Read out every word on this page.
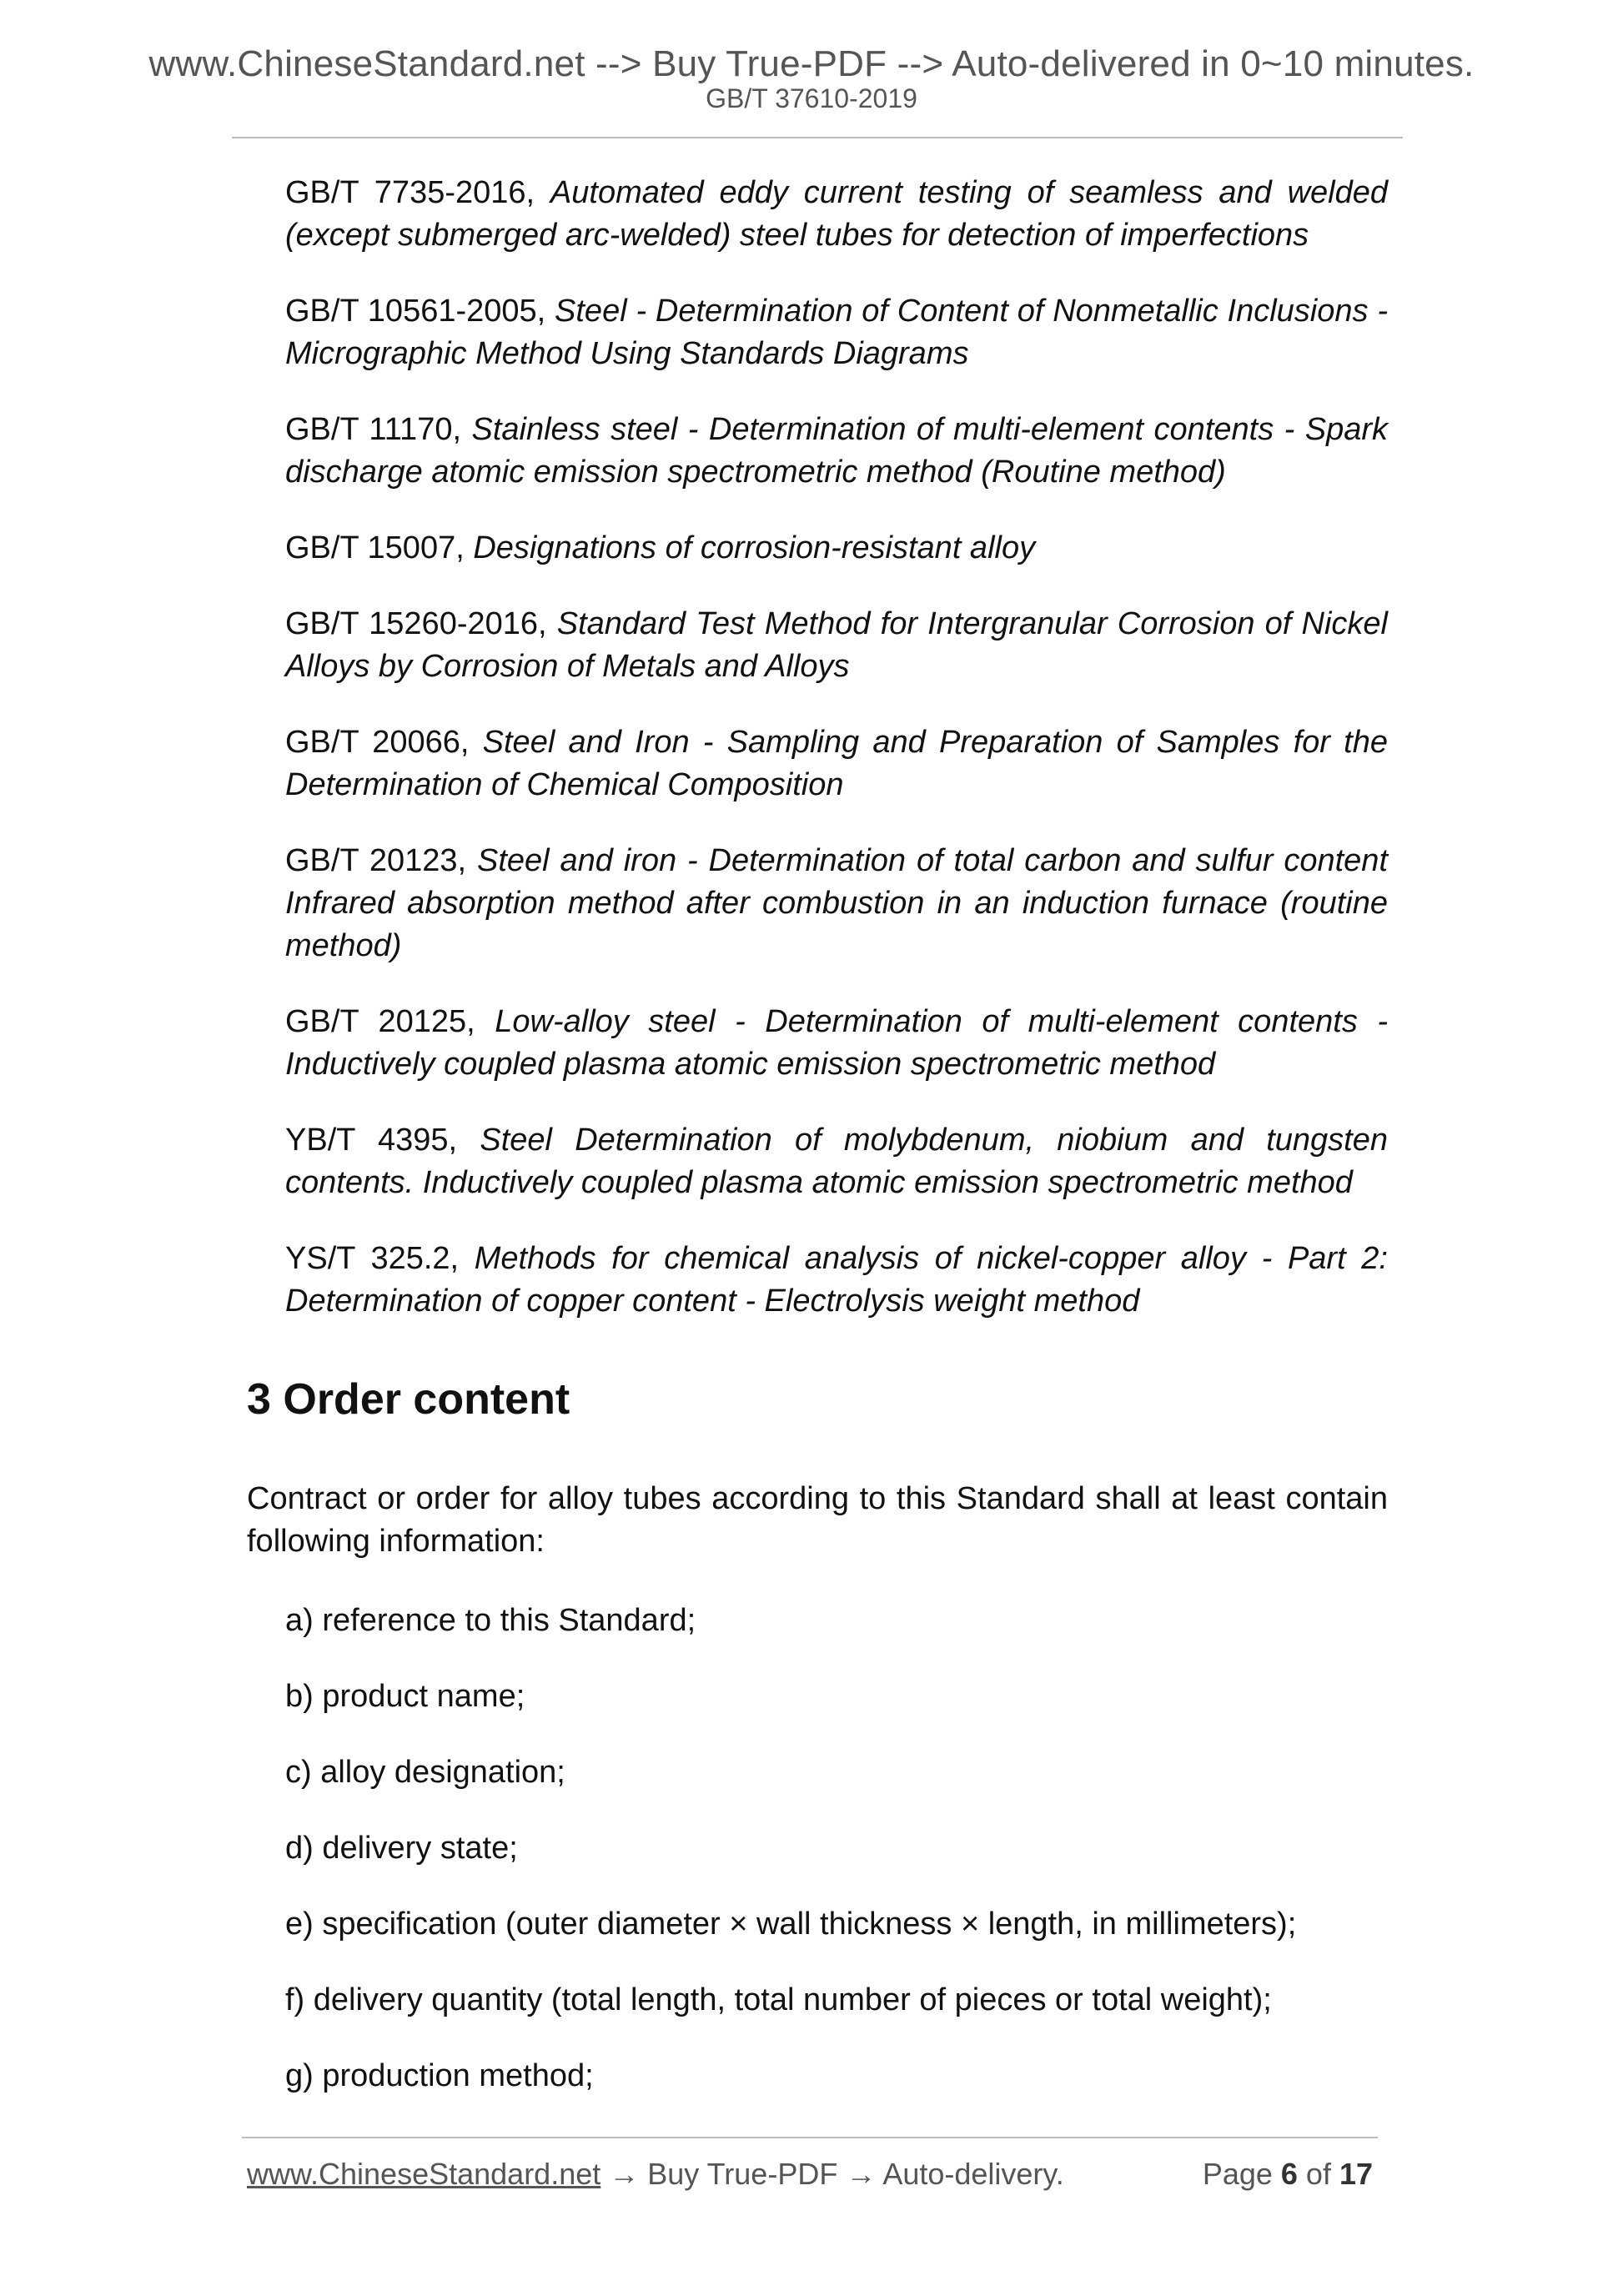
www.ChineseStandard.net --> Buy True-PDF --> Auto-delivered in 0~10 minutes.
GB/T 37610-2019

GB/T 7735-2016, Automated eddy current testing of seamless and welded (except submerged arc-welded) steel tubes for detection of imperfections

GB/T 10561-2005, Steel - Determination of Content of Nonmetallic Inclusions - Micrographic Method Using Standards Diagrams

GB/T 11170, Stainless steel - Determination of multi-element contents - Spark discharge atomic emission spectrometric method (Routine method)

GB/T 15007, Designations of corrosion-resistant alloy

GB/T 15260-2016, Standard Test Method for Intergranular Corrosion of Nickel Alloys by Corrosion of Metals and Alloys

GB/T 20066, Steel and Iron - Sampling and Preparation of Samples for the Determination of Chemical Composition

GB/T 20123, Steel and iron - Determination of total carbon and sulfur content Infrared absorption method after combustion in an induction furnace (routine method)

GB/T 20125, Low-alloy steel - Determination of multi-element contents - Inductively coupled plasma atomic emission spectrometric method

YB/T 4395, Steel Determination of molybdenum, niobium and tungsten contents. Inductively coupled plasma atomic emission spectrometric method

YS/T 325.2, Methods for chemical analysis of nickel-copper alloy - Part 2: Determination of copper content - Electrolysis weight method

3 Order content
Contract or order for alloy tubes according to this Standard shall at least contain following information:
a) reference to this Standard;
b) product name;
c) alloy designation;
d) delivery state;
e) specification (outer diameter × wall thickness × length, in millimeters);
f) delivery quantity (total length, total number of pieces or total weight);
g) production method;
www.ChineseStandard.net → Buy True-PDF → Auto-delivery.	Page 6 of 17
